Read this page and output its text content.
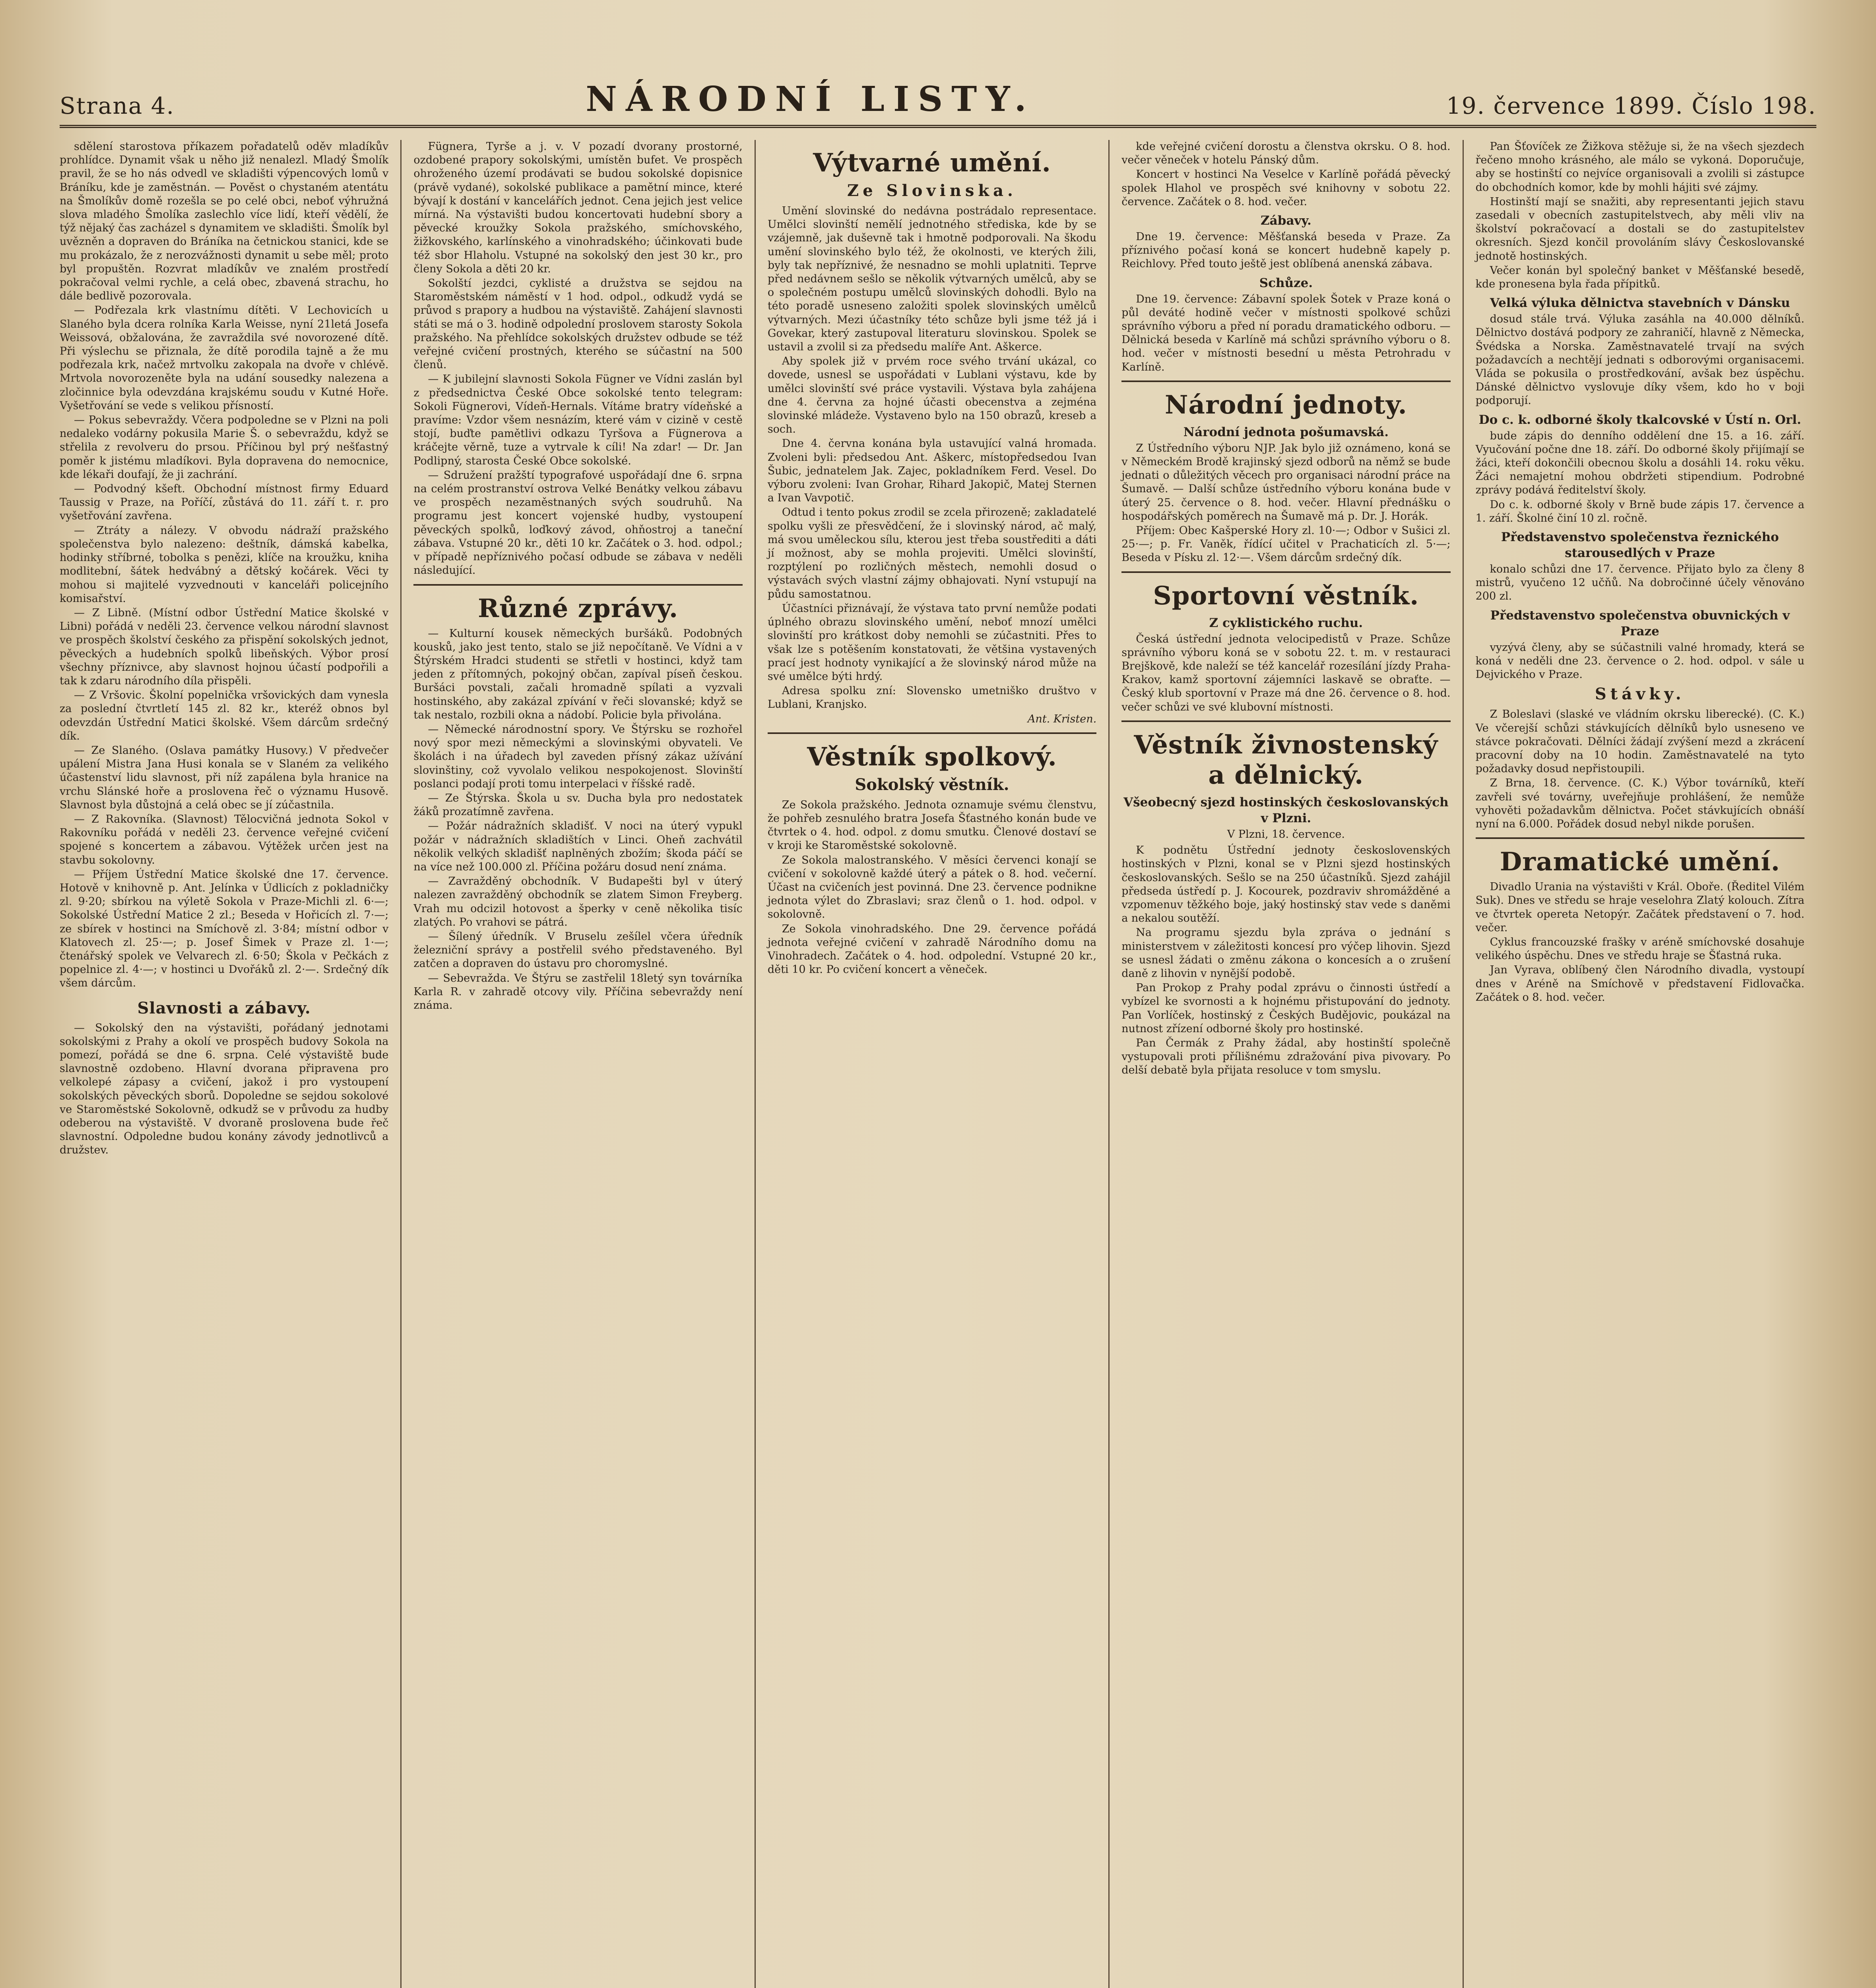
Strana 4.	NÁRODNÍ LISTY.	19. července 1899. Číslo 198.

sdělení starostova příkazem pořadatelů oděv mladíkův prohlídce. Dynamit však u něho již nenalezl. Mladý Šmolík pravil, že se ho nás odvedl ve skladišti výpencových lomů v Bráníku, kde je zaměstnán. — Pověst o chystaném atentátu na Šmolíkův domě rozešla se po celé obci, neboť výhružná slova mladého Šmolíka zaslechlo více lidí, kteří vědělí, že týž nějaký čas zacházel s dynamitem ve skladišti. Šmolík byl uvězněn a dopraven do Bráníka na četnickou stanici, kde se mu prokázalo, že z nerozvážnosti dynamit u sebe měl; proto byl propuštěn. Rozvrat mladíkův ve znalém prostředí pokračoval velmi rychle, a celá obec, zbavená strachu, ho dále bedlivě pozorovala.

— Podřezala krk vlastnímu dítěti. V Lechovicích u Slaného byla dcera rolníka Karla Weisse, nyní 21letá Josefa Weissová, obžalována, že zavraždila své novorozené dítě. Při výslechu se přiznala, že dítě porodila tajně a že mu podřezala krk, načež mrtvolku zakopala na dvoře v chlévě. Mrtvola novorozeněte byla na udání sousedky nalezena a zločinnice byla odevzdána krajskému soudu v Kutné Hoře. Vyšetřování se vede s velikou přísností.

— Pokus sebevraždy. Včera podpoledne se v Plzni na poli nedaleko vodárny pokusila Marie Š. o sebevraždu, když se střelila z revolveru do prsou. Příčinou byl prý nešťastný poměr k jistému mladíkovi. Byla dopravena do nemocnice, kde lékaři doufají, že ji zachrání.

— Podvodný kšeft. Obchodní místnost firmy Eduard Taussig v Praze, na Poříčí, zůstává do 11. září t. r. pro vyšetřování zavřena.

— Ztráty a nálezy. V obvodu nádraží pražského společenstva bylo nalezeno: deštník, dámská kabelka, hodinky stříbrné, tobolka s penězi, klíče na kroužku, kniha modlitební, šátek hedvábný a dětský kočárek. Věci ty mohou si majitelé vyzvednouti v kanceláři policejního komisařství.

— Z Libně. (Místní odbor Ústřední Matice školské v Libni) pořádá v neděli 23. července velkou národní slavnost ve prospěch školství českého za přispění sokolských jednot, pěveckých a hudebních spolků libeňských. Výbor prosí všechny příznivce, aby slavnost hojnou účastí podpořili a tak k zdaru národního díla přispěli.

— Z Vršovic. Školní popelnička vršovických dam vynesla za poslední čtvrtletí 145 zl. 82 kr., kteréž obnos byl odevzdán Ústřední Matici školské. Všem dárcům srdečný dík.

— Ze Slaného. (Oslava památky Husovy.) V předvečer upálení Mistra Jana Husi konala se v Slaném za velikého účastenství lidu slavnost, při níž zapálena byla hranice na vrchu Slánské hoře a proslovena řeč o významu Husově. Slavnost byla důstojná a celá obec se jí zúčastnila.

— Z Rakovníka. (Slavnost) Tělocvičná jednota Sokol v Rakovníku pořádá v neděli 23. července veřejné cvičení spojené s koncertem a zábavou. Výtěžek určen jest na stavbu sokolovny.

— Příjem Ústřední Matice školské dne 17. července. Hotově v knihovně p. Ant. Jelínka v Údlicích z pokladničky zl. 9·20; sbírkou na výletě Sokola v Praze-Michli zl. 6·—; Sokolské Ústřední Matice 2 zl.; Beseda v Hořicích zl. 7·—; ze sbírek v hostinci na Smíchově zl. 3·84; místní odbor v Klatovech zl. 25·—; p. Josef Šimek v Praze zl. 1·—; čtenářský spolek ve Velvarech zl. 6·50; Škola v Pečkách z popelnice zl. 4·—; v hostinci u Dvořáků zl. 2·—. Srdečný dík všem dárcům.

Slavnosti a zábavy.

— Sokolský den na výstavišti, pořádaný jednotami sokolskými z Prahy a okolí ve prospěch budovy Sokola na pomezí, pořádá se dne 6. srpna. Celé výstaviště bude slavnostně ozdobeno. Hlavní dvorana připravena pro velkolepé zápasy a cvičení, jakož i pro vystoupení sokolských pěveckých sborů. Dopoledne se sejdou sokolové ve Staroměstské Sokolovně, odkudž se v průvodu za hudby odeberou na výstaviště. V dvoraně proslovena bude řeč slavnostní. Odpoledne budou konány závody jednotlivců a družstev.

Fügnera, Tyrše a j. v. V pozadí dvorany prostorné, ozdobené prapory sokolskými, umístěn bufet. Ve prospěch ohroženého území prodávati se budou sokolské dopisnice (právě vydané), sokolské publikace a pamětní mince, které bývají k dostání v kancelářích jednot. Cena jejich jest velice mírná. Na výstavišti budou koncertovati hudební sbory a pěvecké kroužky Sokola pražského, smíchovského, žižkovského, karlínského a vinohradského; účinkovati bude též sbor Hlaholu. Vstupné na sokolský den jest 30 kr., pro členy Sokola a děti 20 kr.

Sokolští jezdci, cyklisté a družstva se sejdou na Staroměstském náměstí v 1 hod. odpol., odkudž vydá se průvod s prapory a hudbou na výstaviště. Zahájení slavnosti státi se má o 3. hodině odpolední proslovem starosty Sokola pražského. Na přehlídce sokolských družstev odbude se též veřejné cvičení prostných, kterého se súčastní na 500 členů.

— K jubilejní slavnosti Sokola Fügner ve Vídni zaslán byl z předsednictva České Obce sokolské tento telegram: Sokoli Fügnerovi, Vídeň-Hernals. Vítáme bratry vídeňské a pravíme: Vzdor všem nesnázím, které vám v cizině v cestě stojí, buďte pamětlivi odkazu Tyršova a Fügnerova a kráčejte věrně, tuze a vytrvale k cíli! Na zdar! — Dr. Jan Podlipný, starosta České Obce sokolské.

— Sdružení pražští typografové uspořádají dne 6. srpna na celém prostranství ostrova Velké Benátky velkou zábavu ve prospěch nezaměstnaných svých soudruhů. Na programu jest koncert vojenské hudby, vystoupení pěveckých spolků, loďkový závod, ohňostroj a taneční zábava. Vstupné 20 kr., děti 10 kr. Začátek o 3. hod. odpol.; v případě nepříznivého počasí odbude se zábava v neděli následující.

Různé zprávy.

— Kulturní kousek německých buršáků. Podobných kousků, jako jest tento, stalo se již nepočítaně. Ve Vídni a v Štýrském Hradci studenti se střetli v hostinci, když tam jeden z přítomných, pokojný občan, zapíval píseň českou. Buršáci povstali, začali hromadně spílati a vyzvali hostinského, aby zakázal zpívání v řeči slovanské; když se tak nestalo, rozbili okna a nádobí. Policie byla přivolána.

— Německé národnostní spory. Ve Štýrsku se rozhořel nový spor mezi německými a slovinskými obyvateli. Ve školách i na úřadech byl zaveden přísný zákaz užívání slovinštiny, což vyvolalo velikou nespokojenost. Slovinští poslanci podají proti tomu interpelaci v říšské radě.

— Ze Štýrska. Škola u sv. Ducha byla pro nedostatek žáků prozatímně zavřena.

— Požár nádražních skladišť. V noci na úterý vypukl požár v nádražních skladištích v Linci. Oheň zachvátil několik velkých skladišť naplněných zbožím; škoda páčí se na více než 100.000 zl. Příčina požáru dosud není známa.

— Zavražděný obchodník. V Budapešti byl v úterý nalezen zavražděný obchodník se zlatem Simon Freyberg. Vrah mu odcizil hotovost a šperky v ceně několika tisíc zlatých. Po vrahovi se pátrá.

— Šílený úředník. V Bruselu zešílel včera úředník železniční správy a postřelil svého představeného. Byl zatčen a dopraven do ústavu pro choromyslné.

— Sebevražda. Ve Štýru se zastřelil 18letý syn továrníka Karla R. v zahradě otcovy vily. Příčina sebevraždy není známa.

Výtvarné umění.
Ze Slovinska.

Umění slovinské do nedávna postrádalo representace. Umělci slovinští nemělí jednotného střediska, kde by se vzájemně, jak duševně tak i hmotně podporovali. Na škodu umění slovinského bylo též, že okolnosti, ve kterých žili, byly tak nepříznivé, že nesnadno se mohli uplatniti. Teprve před nedávnem sešlo se několik výtvarných umělců, aby se o společném postupu umělců slovinských dohodli. Bylo na této poradě usneseno založiti spolek slovinských umělců výtvarných. Mezi účastníky této schůze byli jsme též já i Govekar, který zastupoval literaturu slovinskou. Spolek se ustavil a zvolil si za předsedu malíře Ant. Aškerce.

Aby spolek již v prvém roce svého trvání ukázal, co dovede, usnesl se uspořádati v Lublani výstavu, kde by umělci slovinští své práce vystavili. Výstava byla zahájena dne 4. června za hojné účasti obecenstva a zejména slovinské mládeže. Vystaveno bylo na 150 obrazů, kreseb a soch.

Dne 4. června konána byla ustavující valná hromada. Zvoleni byli: předsedou Ant. Aškerc, místopředsedou Ivan Šubic, jednatelem Jak. Zajec, pokladníkem Ferd. Vesel. Do výboru zvoleni: Ivan Grohar, Rihard Jakopič, Matej Sternen a Ivan Vavpotič.

Odtud i tento pokus zrodil se zcela přirozeně; zakladatelé spolku vyšli ze přesvědčení, že i slovinský národ, ač malý, má svou uměleckou sílu, kterou jest třeba soustřediti a dáti jí možnost, aby se mohla projeviti. Umělci slovinští, rozptýlení po rozličných městech, nemohli dosud o výstavách svých vlastní zájmy obhajovati. Nyní vstupují na půdu samostatnou.

Účastníci přiznávají, že výstava tato první nemůže podati úplného obrazu slovinského umění, neboť mnozí umělci slovinští pro krátkost doby nemohli se zúčastniti. Přes to však lze s potěšením konstatovati, že většina vystavených prací jest hodnoty vynikající a že slovinský národ může na své umělce býti hrdý.

Adresa spolku zní: Slovensko umetniško društvo v Lublani, Kranjsko.

Ant. Kristen.

Věstník spolkový.
Sokolský věstník.

Ze Sokola pražského. Jednota oznamuje svému členstvu, že pohřeb zesnulého bratra Josefa Šťastného konán bude ve čtvrtek o 4. hod. odpol. z domu smutku. Členové dostaví se v kroji ke Staroměstské sokolovně.

Ze Sokola malostranského. V měsíci červenci konají se cvičení v sokolovně každé úterý a pátek o 8. hod. večerní. Účast na cvičeních jest povinná. Dne 23. července podnikne jednota výlet do Zbraslavi; sraz členů o 1. hod. odpol. v sokolovně.

Ze Sokola vinohradského. Dne 29. července pořádá jednota veřejné cvičení v zahradě Národního domu na Vinohradech. Začátek o 4. hod. odpolední. Vstupné 20 kr., děti 10 kr. Po cvičení koncert a věneček.

kde veřejné cvičení dorostu a členstva okrsku. O 8. hod. večer věneček v hotelu Pánský dům.

Koncert v hostinci Na Veselce v Karlíně pořádá pěvecký spolek Hlahol ve prospěch své knihovny v sobotu 22. července. Začátek o 8. hod. večer.

Zábavy.

Dne 19. července: Měšťanská beseda v Praze. Za příznivého počasí koná se koncert hudebně kapely p. Reichlovy. Před touto ještě jest oblíbená anenská zábava.

Schůze.

Dne 19. července: Zábavní spolek Šotek v Praze koná o půl deváté hodině večer v místnosti spolkové schůzi správního výboru a před ní poradu dramatického odboru. — Dělnická beseda v Karlíně má schůzi správního výboru o 8. hod. večer v místnosti besední u města Petrohradu v Karlíně.

Národní jednoty.
Národní jednota pošumavská.

Z Ústředního výboru NJP. Jak bylo již oznámeno, koná se v Německém Brodě krajinský sjezd odborů na němž se bude jednati o důležitých věcech pro organisaci národní práce na Šumavě. — Další schůze ústředního výboru konána bude v úterý 25. července o 8. hod. večer. Hlavní přednášku o hospodářských poměrech na Šumavě má p. Dr. J. Horák.

Příjem: Obec Kašperské Hory zl. 10·—; Odbor v Sušici zl. 25·—; p. Fr. Vaněk, řídící učitel v Prachaticích zl. 5·—; Beseda v Písku zl. 12·—. Všem dárcům srdečný dík.

Sportovní věstník.
Z cyklistického ruchu.

Česká ústřední jednota velocipedistů v Praze. Schůze správního výboru koná se v sobotu 22. t. m. v restauraci Brejškově, kde naleží se též kancelář rozesílání jízdy Praha-Krakov, kamž sportovní zájemníci laskavě se obraťte. — Český klub sportovní v Praze má dne 26. července o 8. hod. večer schůzi ve své klubovní místnosti.

Věstník živnostenský a dělnický.
Všeobecný sjezd hostinských českoslovanských v Plzni.
V Plzni, 18. července.

K podnětu Ústřední jednoty československých hostinských v Plzni, konal se v Plzni sjezd hostinských českoslovanských. Sešlo se na 250 účastníků. Sjezd zahájil předseda ústředí p. J. Kocourek, pozdraviv shromážděné a vzpomenuv těžkého boje, jaký hostinský stav vede s daněmi a nekalou soutěží.

Na programu sjezdu byla zpráva o jednání s ministerstvem v záležitosti koncesí pro výčep lihovin. Sjezd se usnesl žádati o změnu zákona o koncesích a o zrušení daně z lihovin v nynější podobě.

Pan Prokop z Prahy podal zprávu o činnosti ústředí a vybízel ke svornosti a k hojnému přistupování do jednoty. Pan Vorlíček, hostinský z Českých Budějovic, poukázal na nutnost zřízení odborné školy pro hostinské.

Pan Čermák z Prahy žádal, aby hostinští společně vystupovali proti přílišnému zdražování piva pivovary. Po delší debatě byla přijata resoluce v tom smyslu.

Pan Šťovíček ze Žižkova stěžuje si, že na všech sjezdech řečeno mnoho krásného, ale málo se vykoná. Doporučuje, aby se hostinští co nejvíce organisovali a zvolili si zástupce do obchodních komor, kde by mohli hájiti své zájmy.

Hostinští mají se snažiti, aby representanti jejich stavu zasedali v obecních zastupitelstvech, aby měli vliv na školství pokračovací a dostali se do zastupitelstev okresních. Sjezd končil provoláním slávy Českoslovanské jednotě hostinských.

Večer konán byl společný banket v Měšťanské besedě, kde pronesena byla řada přípitků.

Velká výluka dělnictva stavebních v Dánsku

dosud stále trvá. Výluka zasáhla na 40.000 dělníků. Dělnictvo dostává podpory ze zahraničí, hlavně z Německa, Švédska a Norska. Zaměstnavatelé trvají na svých požadavcích a nechtějí jednati s odborovými organisacemi. Vláda se pokusila o prostředkování, avšak bez úspěchu. Dánské dělnictvo vyslovuje díky všem, kdo ho v boji podporují.

Do c. k. odborné školy tkalcovské v Ústí n. Orl.

bude zápis do denního oddělení dne 15. a 16. září. Vyučování počne dne 18. září. Do odborné školy přijímají se žáci, kteří dokončili obecnou školu a dosáhli 14. roku věku. Žáci nemajetní mohou obdržeti stipendium. Podrobné zprávy podává ředitelství školy.

Do c. k. odborné školy v Brně bude zápis 17. července a 1. září. Školné činí 10 zl. ročně.

Představenstvo společenstva řeznického starousedlých v Praze

konalo schůzi dne 17. července. Přijato bylo za členy 8 mistrů, vyučeno 12 učňů. Na dobročinné účely věnováno 200 zl.

Představenstvo společenstva obuvnických v Praze

vyzývá členy, aby se súčastnili valné hromady, která se koná v neděli dne 23. července o 2. hod. odpol. v sále u Dejvického v Praze.

Stávky.

Z Boleslavi (slaské ve vládním okrsku liberecké). (C. K.) Ve včerejší schůzi stávkujících dělníků bylo usneseno ve stávce pokračovati. Dělníci žádají zvýšení mezd a zkrácení pracovní doby na 10 hodin. Zaměstnavatelé na tyto požadavky dosud nepřistoupili.

Z Brna, 18. července. (C. K.) Výbor továrníků, kteří zavřeli své továrny, uveřejňuje prohlášení, že nemůže vyhověti požadavkům dělnictva. Počet stávkujících obnáší nyní na 6.000. Pořádek dosud nebyl nikde porušen.

Dramatické umění.

Divadlo Urania na výstavišti v Král. Oboře. (Ředitel Vilém Suk). Dnes ve středu se hraje veselohra Zlatý kolouch. Zítra ve čtvrtek opereta Netopýr. Začátek představení o 7. hod. večer.

Cyklus francouzské frašky v aréně smíchovské dosahuje velikého úspěchu. Dnes ve středu hraje se Šťastná ruka.

Jan Vyrava, oblíbený člen Národního divadla, vystoupí dnes v Aréně na Smíchově v představení Fidlovačka. Začátek o 8. hod. večer.
